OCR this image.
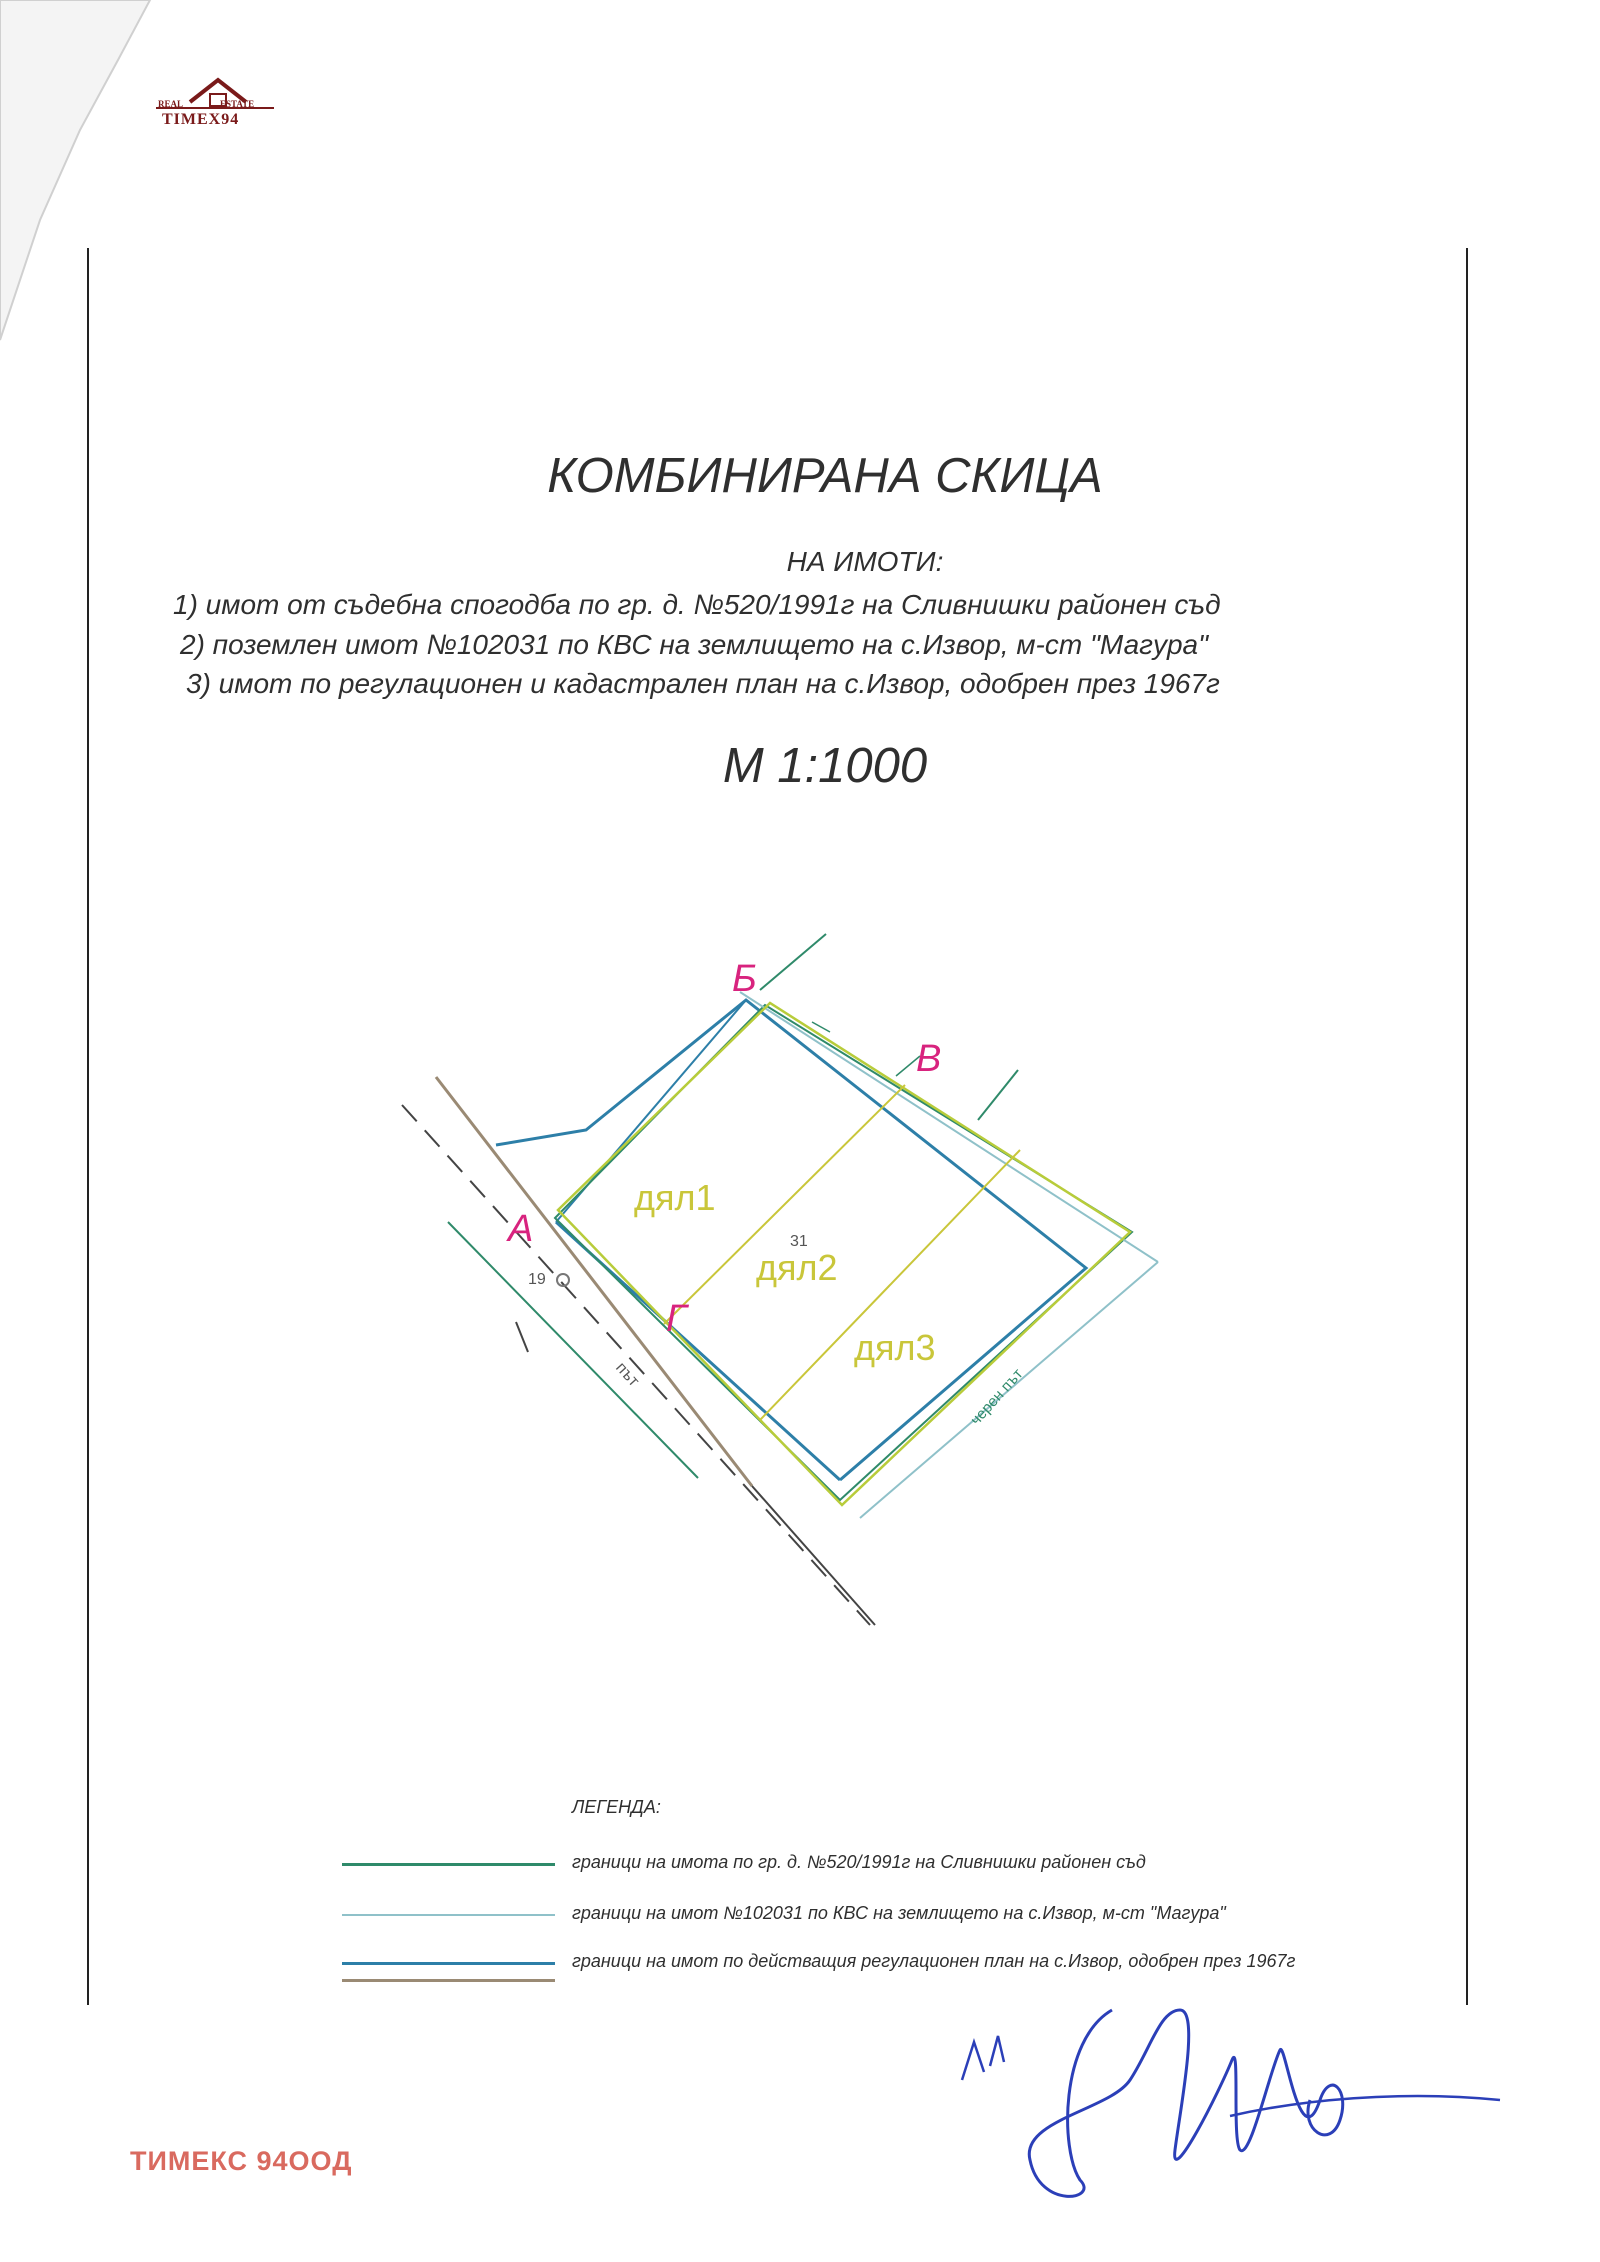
REAL	ESTATE
TIMEX94
КОМБИНИРАНА СКИЦА
НА ИМОТИ:
1) имот от съдебна спогодба по гр. д. №520/1991г на Сливнишки районен съд
2) поземлен имот №102031 по КВС на землището на с.Извор, м-ст "Магура"
3) имот по регулационен и кадастрален план на с.Извор, одобрен през 1967г
М 1:1000
Б
В
А
Г
дял1
дял2
дял3
31
19
път	черен път
ЛЕГЕНДА:
граници на имота по гр. д. №520/1991г на Сливнишки районен съд
граници на имот №102031 по КВС на землището на с.Извор, м-ст "Магура"
граници на имот по действащия регулационен план на с.Извор, одобрен през 1967г
ТИМЕКС 94ООД
